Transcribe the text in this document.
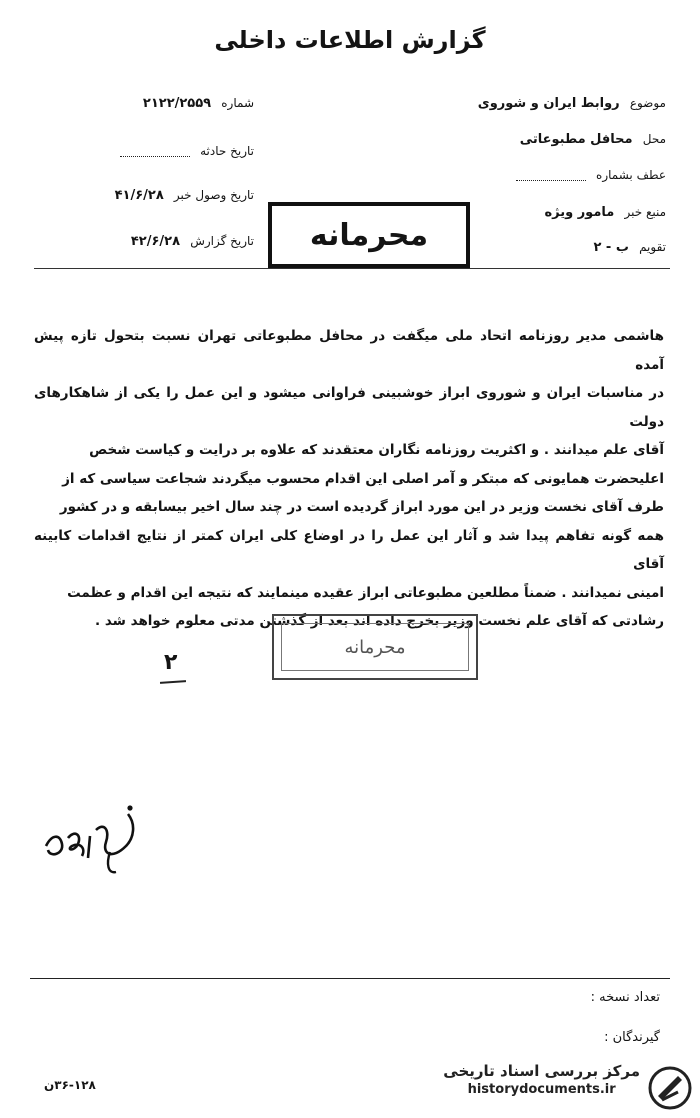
گزارش اطلاعات داخلی
موضوع روابط ایران و شوروی
محل محافل مطبوعاتی
عطف بشماره
منبع خبر مامور ویژه
تقویم ب - ۲
شماره ۲۱۲۲/۲۵۵۹
تاریخ حادثه
تاریخ وصول خبر ۴۱/۶/۲۸
تاریخ گزارش ۴۲/۶/۲۸	محرمانه

هاشمی مدیر روزنامه اتحاد ملی میگفت در محافل مطبوعاتی تهران نسبت بتحول تازه پیش آمده

در مناسبات ایران و شوروی ابراز خوشبینی فراوانی میشود و این عمل را یکی از شاهکارهای دولت

آقای علم میدانند . و اکثریت روزنامه نگاران معتقدند که علاوه بر درایت و کیاست شخص

اعلیحضرت همایونی که مبتکر و آمر اصلی این اقدام محسوب میگردند شجاعت سیاسی که از

طرف آقای نخست وزیر در این مورد ابراز گردیده است در چند سال اخیر بیسابقه و در کشور

همه گونه تفاهم پیدا شد و آثار این عمل را در اوضاع کلی ایران کمتر از نتایج اقدامات کابینه آقای

امینی نمیدانند . ضمناً مطلعین مطبوعاتی ابراز عقیده مینمایند که نتیجه این اقدام و عظمت

رشادتی که آقای علم نخست وزیر بخرج داده اند بعد از گذشتن مدتی معلوم خواهد شد .

محرمانه
۲
تعداد نسخه :
گیرندگان :
۳۶-۱۲۸ن
مرکز بررسی اسناد تاریخی
historydocuments.ir
